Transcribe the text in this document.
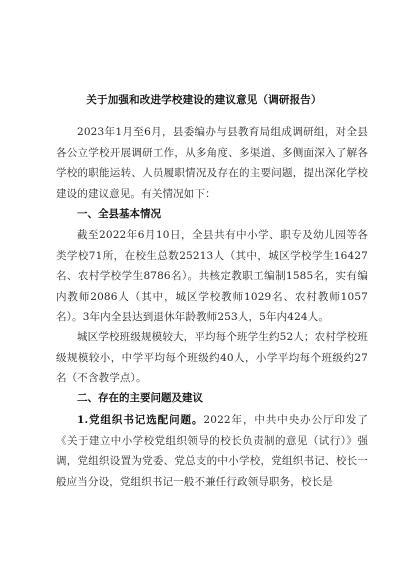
关于加强和改进学校建设的建议意见（调研报告）

2023年1月至6月，县委编办与县教育局组成调研组，对全县各公立学校开展调研工作，从多角度、多渠道、多侧面深入了解各学校的职能运转、人员履职情况及存在的主要问题，提出深化学校建设的建议意见。有关情况如下：

一、全县基本情况

截至2022年6月10日，全县共有中小学、职专及幼儿园等各类学校71所，在校生总数25213人（其中，城区学校学生16427名、农村学校学生8786名）。共核定教职工编制1585名，实有编内教师2086人（其中，城区学校教师1029名、农村教师1057名）。3年内全县达到退休年龄教师253人，5年内424人。

城区学校班级规模较大，平均每个班学生约52人；农村学校班级规模较小，中学平均每个班级约40人，小学平均每个班级约27名（不含教学点）。

二、存在的主要问题及建议

1.党组织书记选配问题。2022年，中共中央办公厅印发了《关于建立中小学校党组织领导的校长负责制的意见（试行）》强调，党组织设置为党委、党总支的中小学校，党组织书记、校长一般应当分设，党组织书记一般不兼任行政领导职务，校长是
